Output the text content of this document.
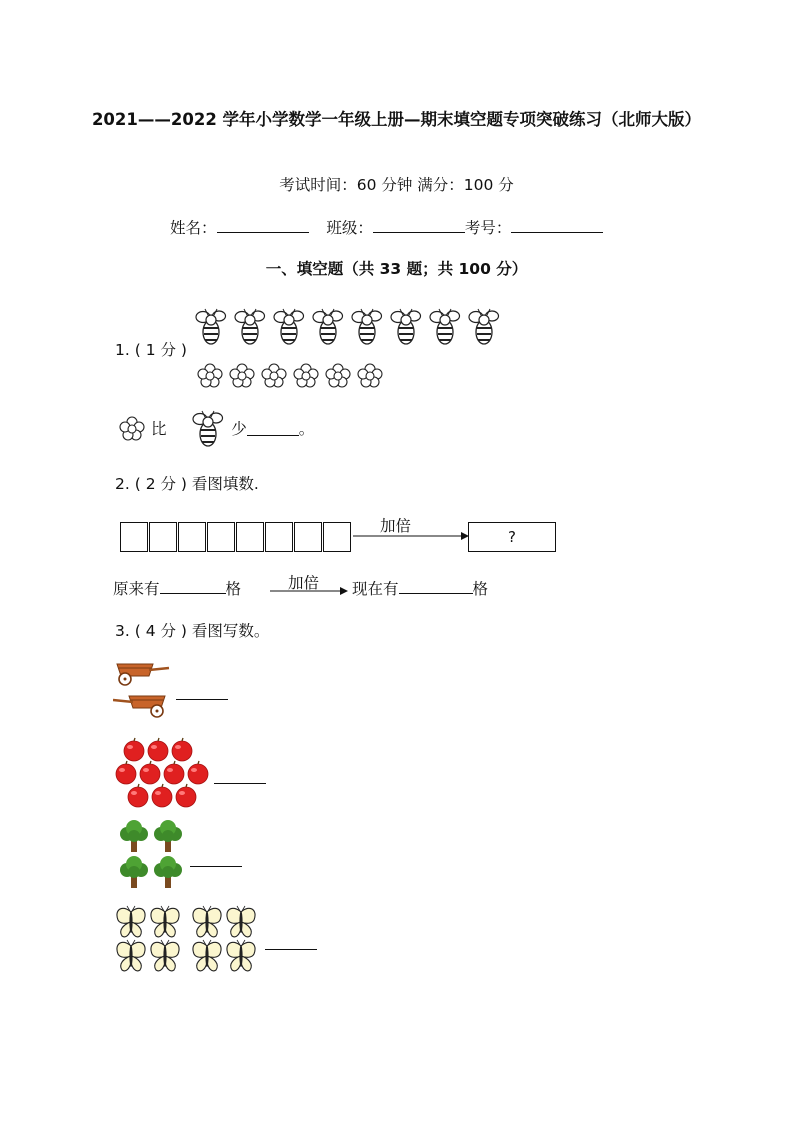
2021——2022 学年小学数学一年级上册—期末填空题专项突破练习（北师大版）
考试时间：60 分钟 满分：100 分
姓名：	班级：	考号：
一、填空题（共 33 题；共 100 分）
1. ( 1 分 )
比	少	。
2. ( 2 分 ) 看图填数.
加倍
?
原来有	格	加倍 现在有	格
3. ( 4 分 ) 看图写数。
